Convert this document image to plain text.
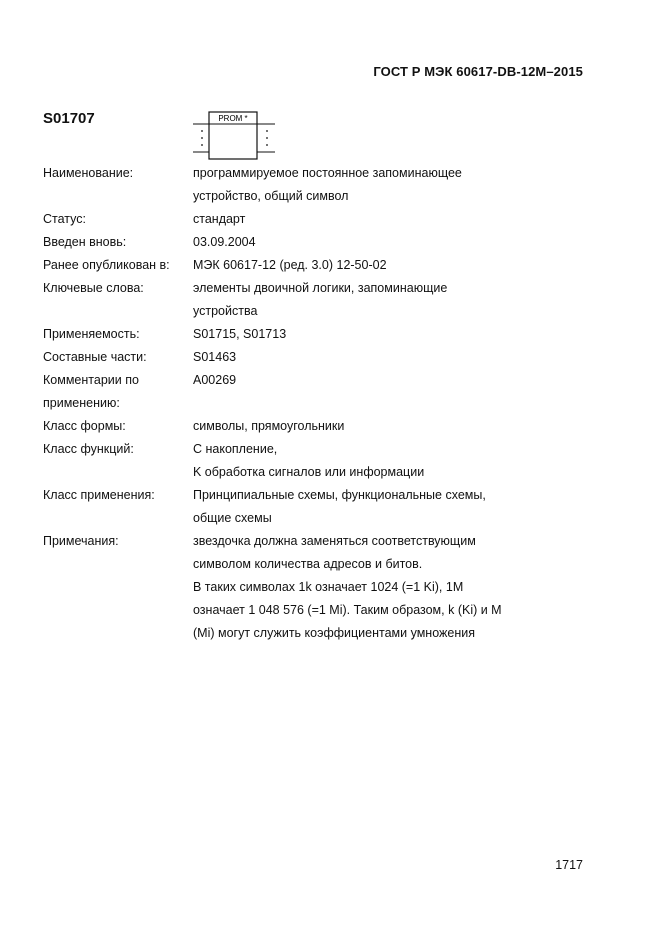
ГОСТ Р МЭК 60617-DB-12M–2015
S01707	PROM *
Наименование:	программируемое постоянное запоминающее
устройство, общий символ

Статус:	стандарт

Введен вновь:	03.09.2004

Ранее опубликован в:	МЭК 60617-12 (ред. 3.0) 12-50-02

Ключевые слова:	элементы двоичной логики, запоминающие
устройства

Применяемость:	S01715, S01713

Составные части:	S01463

Комментарии по
применению:	A00269

Класс формы:	символы, прямоугольники

Класс функций:	C накопление,
K обработка сигналов или информации

Класс применения:	Принципиальные схемы, функциональные схемы,
общие схемы

Примечания:	звездочка должна заменяться соответствующим
символом количества адресов и битов.
В таких символах 1k означает 1024 (=1 Ki), 1M
означает 1 048 576 (=1 Mi). Таким образом, k (Ki) и M
(Mi) могут служить коэффициентами умножения
1717
